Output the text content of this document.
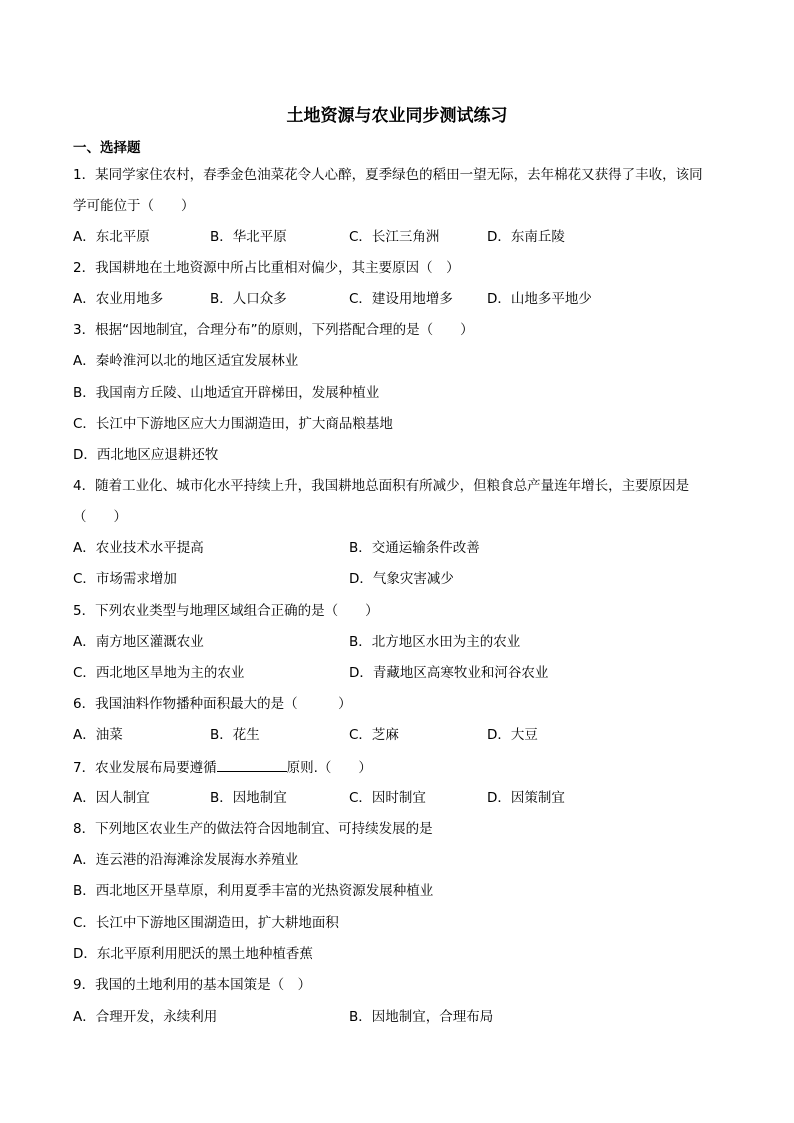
土地资源与农业同步测试练习
一、选择题
1．某同学家住农村，春季金色油菜花令人心醉，夏季绿色的稻田一望无际，去年棉花又获得了丰收，该同
学可能位于（　　）
A．东北平原	B．华北平原	C．长江三角洲	D．东南丘陵
2．我国耕地在土地资源中所占比重相对偏少，其主要原因（　）
A．农业用地多	B．人口众多	C．建设用地增多	D．山地多平地少
3．根据“因地制宜，合理分布”的原则，下列搭配合理的是（　　）
A．秦岭淮河以北的地区适宜发展林业
B．我国南方丘陵、山地适宜开辟梯田，发展种植业
C．长江中下游地区应大力围湖造田，扩大商品粮基地
D．西北地区应退耕还牧
4．随着工业化、城市化水平持续上升，我国耕地总面积有所减少，但粮食总产量连年增长，主要原因是
（　　）
A．农业技术水平提高	B．交通运输条件改善
C．市场需求增加	D．气象灾害减少
5．下列农业类型与地理区域组合正确的是（　　）
A．南方地区灌溉农业	B．北方地区水田为主的农业
C．西北地区旱地为主的农业	D．青藏地区高寒牧业和河谷农业
6．我国油料作物播种面积最大的是（　　　）
A．油菜	B．花生	C．芝麻	D．大豆
7．农业发展布局要遵循	原则.（　　）
A．因人制宜	B．因地制宜	C．因时制宜	D．因策制宜
8．下列地区农业生产的做法符合因地制宜、可持续发展的是
A．连云港的沿海滩涂发展海水养殖业
B．西北地区开垦草原，利用夏季丰富的光热资源发展种植业
C．长江中下游地区围湖造田，扩大耕地面积
D．东北平原利用肥沃的黑土地种植香蕉
9．我国的土地利用的基本国策是（　）
A．合理开发，永续利用	B．因地制宜，合理布局
